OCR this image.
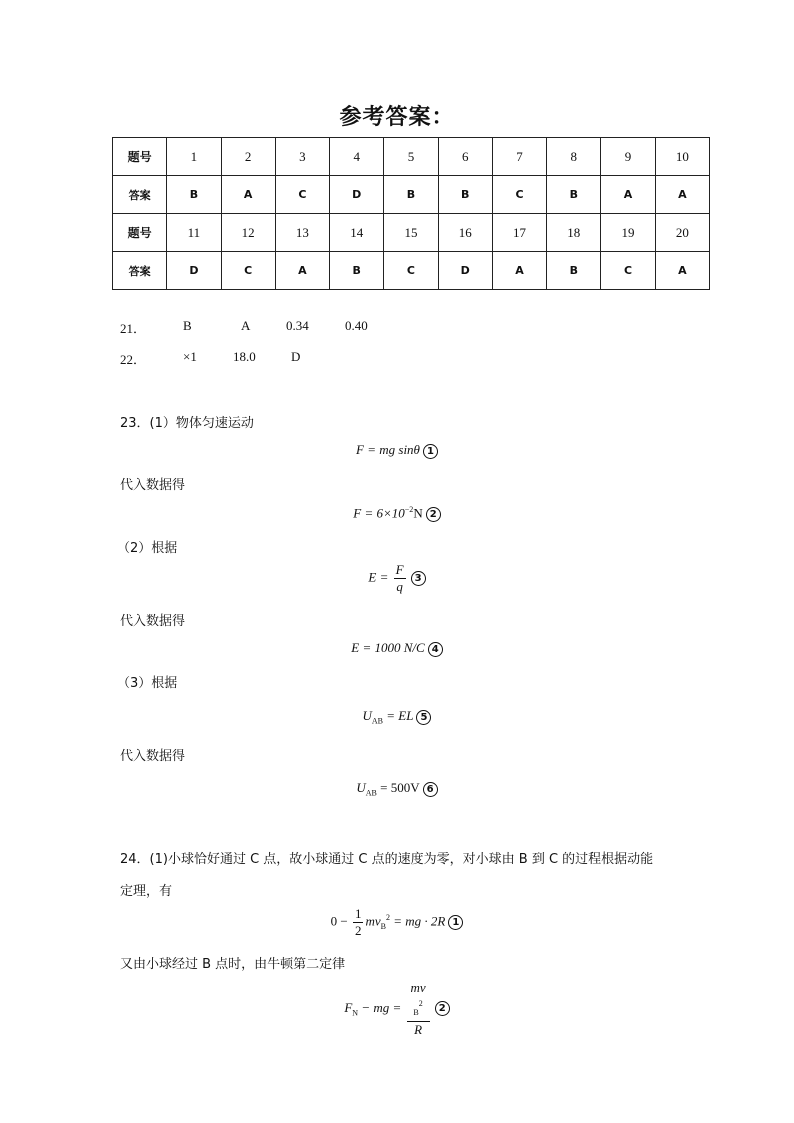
参考答案：
题号	1	2	3	4	5	6	7	8	9	10
答案	B	A	C	D	B	B	C	B	A	A
题号	11	12	13	14	15	16	17	18	19	20
答案	D	C	A	B	C	D	A	B	C	A
21．	B	A	0.34	0.40
22．	×1	18.0	D
23．(1）物体匀速运动
F = mg sinθ 1
代入数据得
$F = 6\times 10^{-2}N$ 2
（2）根据
$E = \frac{F}{q} 3$
代入数据得
E = 1000 N/C 4
（3）根据
$U_{AB}$ = EL 5
代入数据得
$U_{AB} = 500V$ 6
24．(1)小球恰好通过 C 点，故小球通过 C 点的速度为零，对小球由 B 到 C 的过程根据动能
定理，有
$0 - \frac{1}{2} mv_B^2$ = mg · 2R 1
又由小球经过 B 点时，由牛顿第二定律
$F_N$ − mg = mv
$_B^2$
R 2
